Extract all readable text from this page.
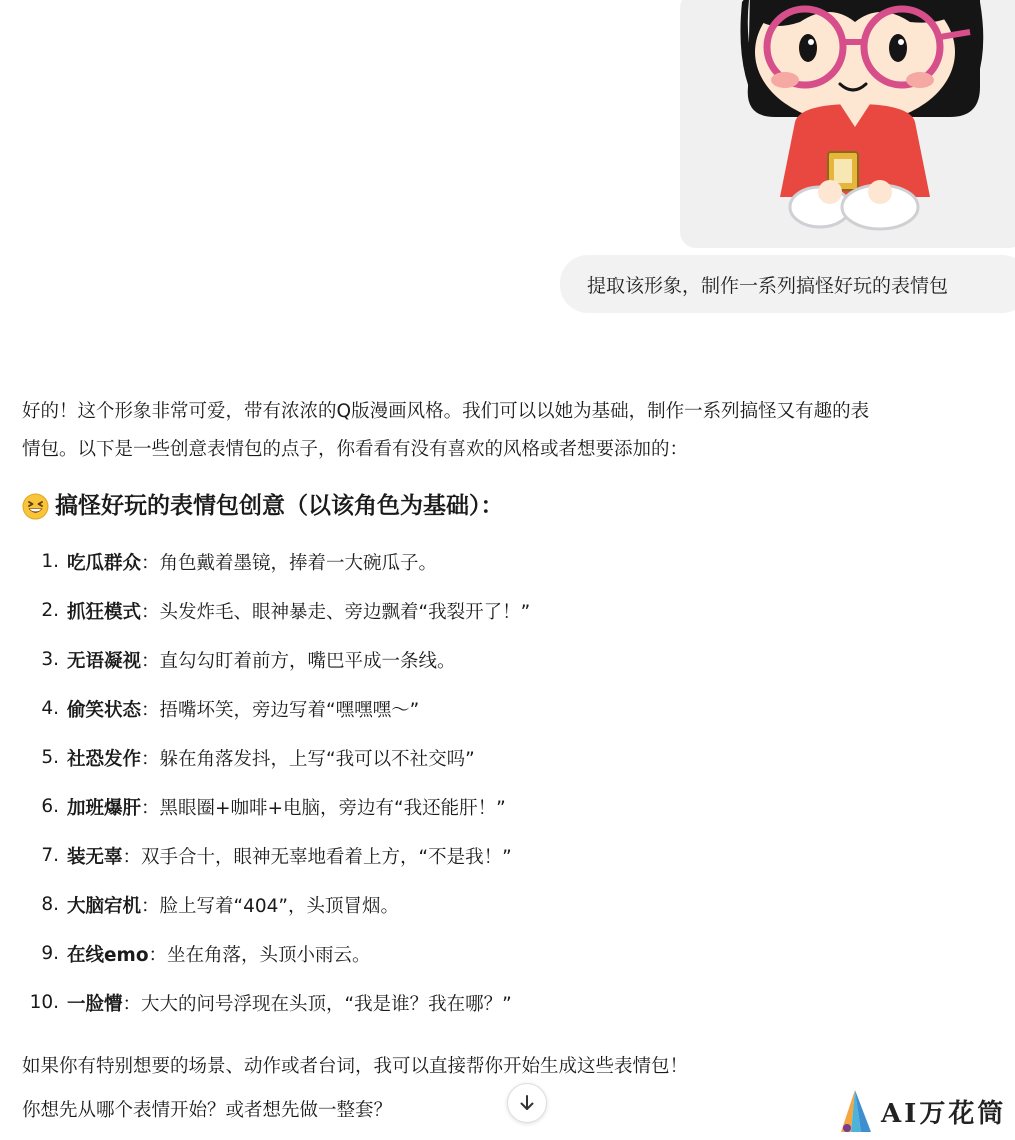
提取该形象，制作一系列搞怪好玩的表情包

好的！这个形象非常可爱，带有浓浓的Q版漫画风格。我们可以以她为基础，制作一系列搞怪又有趣的表
情包。以下是一些创意表情包的点子，你看看有没有喜欢的风格或者想要添加的：

搞怪好玩的表情包创意（以该角色为基础）：
1. 吃瓜群众 ：角色戴着墨镜，捧着一大碗瓜子。
2. 抓狂模式 ：头发炸毛、眼神暴走、旁边飘着“我裂开了！”
3. 无语凝视 ：直勾勾盯着前方，嘴巴平成一条线。
4. 偷笑状态 ：捂嘴坏笑，旁边写着“嘿嘿嘿～”
5. 社恐发作 ：躲在角落发抖，上写“我可以不社交吗”
6. 加班爆肝 ：黑眼圈+咖啡+电脑，旁边有“我还能肝！”
7. 装无辜 ：双手合十，眼神无辜地看着上方，“不是我！”
8. 大脑宕机 ：脸上写着“404”，头顶冒烟。
9. 在线emo ：坐在角落，头顶小雨云。
10. 一脸懵 ：大大的问号浮现在头顶，“我是谁？我在哪？”

如果你有特别想要的场景、动作或者台词，我可以直接帮你开始生成这些表情包！
你想先从哪个表情开始？或者想先做一整套？	AI万花筒
